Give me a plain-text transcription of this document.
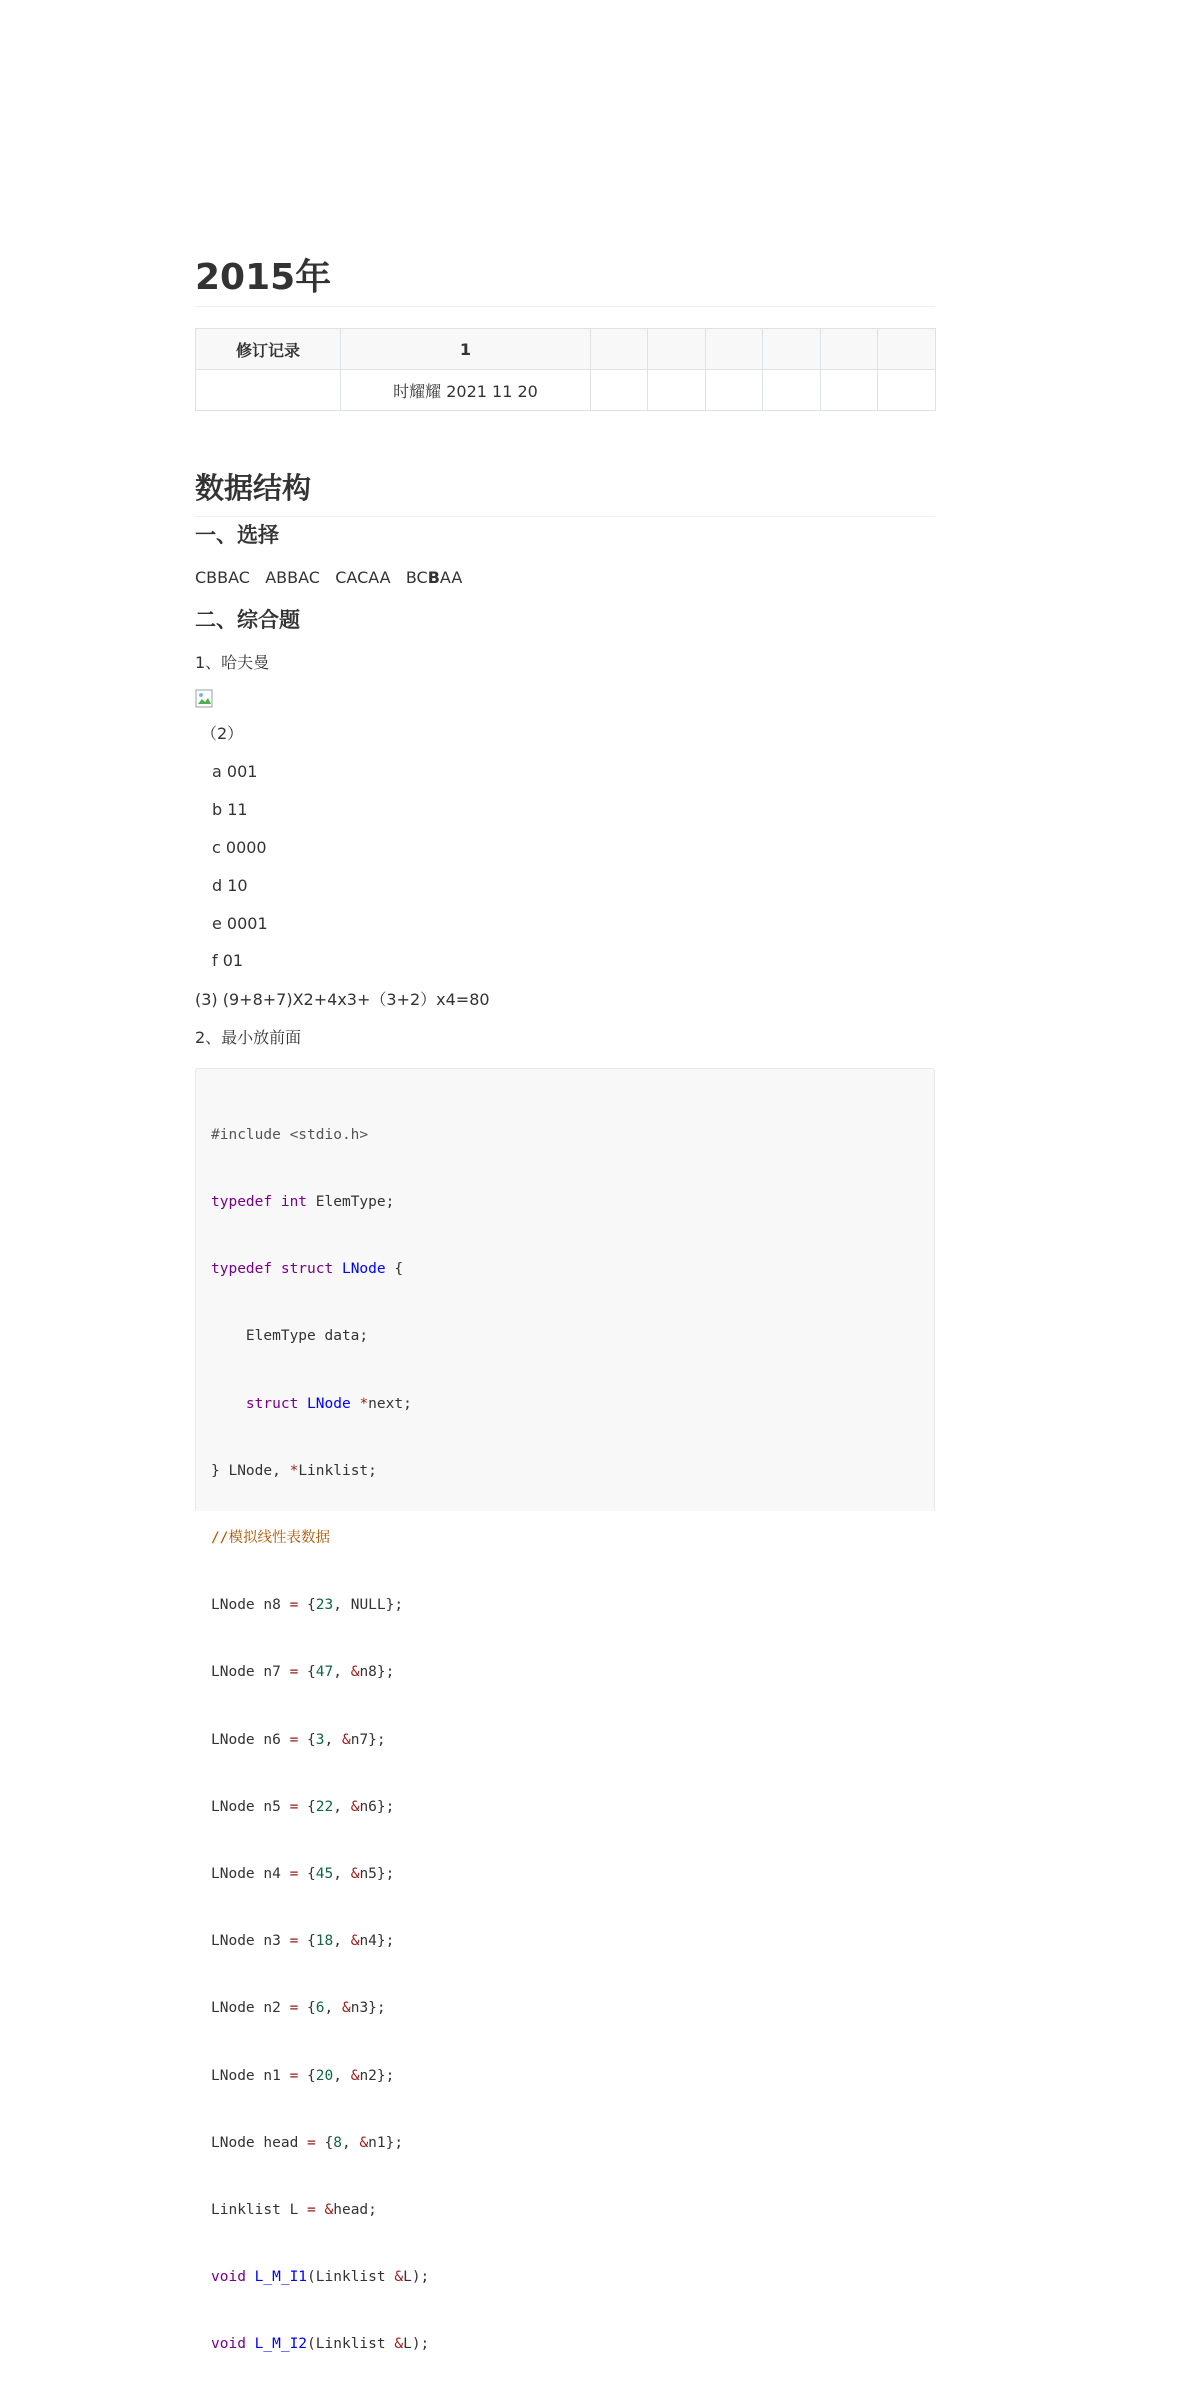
2015年
修订记录	1						
	时耀耀 2021 11 20						
数据结构
一、选择

CBBAC ABBAC CACAA BCBAA

二、综合题

1、哈夫曼

（2）

a 001

b 11

c 0000

d 10

e 0001

f 01

(3) (9+8+7)X2+4x3+（3+2）x4=80

2、最小放前面

#include <stdio.h>

typedef int ElemType;

typedef struct LNode {

ElemType data;

struct LNode *next;

} LNode, *Linklist;

//模拟线性表数据

LNode n8 = {23, NULL};

LNode n7 = {47, &n8};

LNode n6 = {3, &n7};

LNode n5 = {22, &n6};

LNode n4 = {45, &n5};

LNode n3 = {18, &n4};

LNode n2 = {6, &n3};

LNode n1 = {20, &n2};

LNode head = {8, &n1};

Linklist L = &head;

void L_M_I1(Linklist &L);

void L_M_I2(Linklist &L);
